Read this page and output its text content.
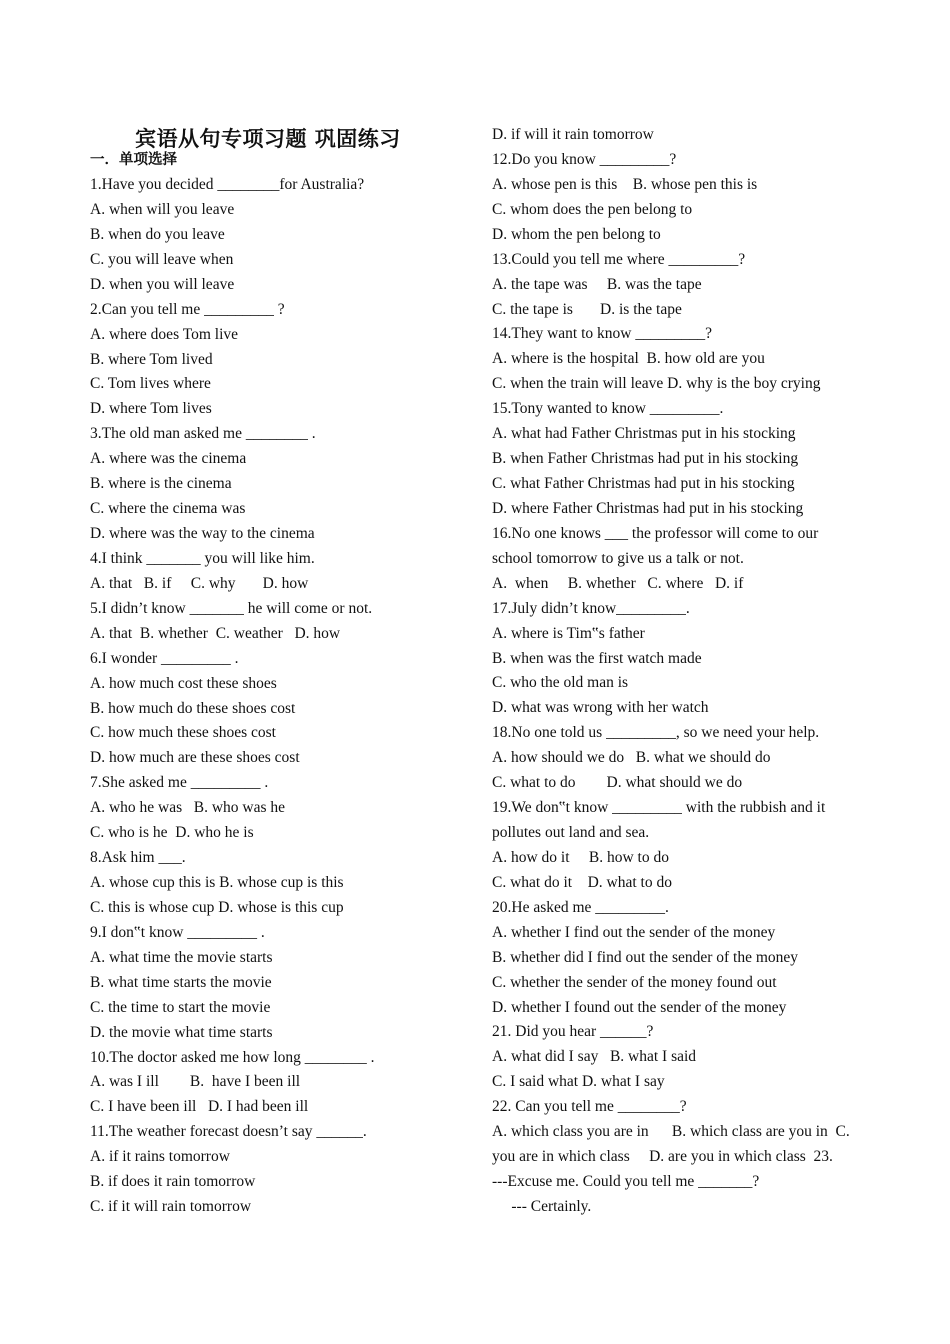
宾语从句专项习题 巩固练习
一．单项选择
1.Have you decided ________for Australia?
A. when will you leave
B. when do you leave
C. you will leave when
D. when you will leave
2.Can you tell me _________ ?
A. where does Tom live
B. where Tom lived
C. Tom lives where
D. where Tom lives
3.The old man asked me ________ .
A. where was the cinema
B. where is the cinema
C. where the cinema was
D. where was the way to the cinema
4.I think _______ you will like him.
A. that   B. if     C. why       D. how
5.I didn’t know _______ he will come or not.
A. that  B. whether  C. weather   D. how
6.I wonder _________ .
A. how much cost these shoes
B. how much do these shoes cost
C. how much these shoes cost
D. how much are these shoes cost
7.She asked me _________ .
A. who he was   B. who was he
C. who is he  D. who he is
8.Ask him ___.
A. whose cup this is B. whose cup is this
C. this is whose cup D. whose is this cup
9.I don‟t know _________ .
A. what time the movie starts
B. what time starts the movie
C. the time to start the movie
D. the movie what time starts
10.The doctor asked me how long ________ .
A. was I ill        B.  have I been ill
C. I have been ill   D. I had been ill
11.The weather forecast doesn’t say ______.
A. if it rains tomorrow
B. if does it rain tomorrow
C. if it will rain tomorrow
D. if will it rain tomorrow
12.Do you know _________?
A. whose pen is this    B. whose pen this is
C. whom does the pen belong to
D. whom the pen belong to
13.Could you tell me where _________?
A. the tape was     B. was the tape
C. the tape is       D. is the tape
14.They want to know _________?
A. where is the hospital  B. how old are you
C. when the train will leave D. why is the boy crying
15.Tony wanted to know _________.
A. what had Father Christmas put in his stocking
B. when Father Christmas had put in his stocking
C. what Father Christmas had put in his stocking
D. where Father Christmas had put in his stocking
16.No one knows ___ the professor will come to our
school tomorrow to give us a talk or not.
A.  when     B. whether   C. where   D. if
17.July didn’t know_________.
A. where is Tim‟s father
B. when was the first watch made
C. who the old man is
D. what was wrong with her watch
18.No one told us _________, so we need your help.
A. how should we do   B. what we should do
C. what to do        D. what should we do
19.We don‟t know _________ with the rubbish and it
pollutes out land and sea.
A. how do it     B. how to do
C. what do it    D. what to do
20.He asked me _________.
A. whether I find out the sender of the money
B. whether did I find out the sender of the money
C. whether the sender of the money found out
D. whether I found out the sender of the money
21. Did you hear ______?
A. what did I say   B. what I said
C. I said what D. what I say
22. Can you tell me ________?
A. which class you are in      B. which class are you in  C.
you are in which class     D. are you in which class  23.
---Excuse me. Could you tell me _______?
--- Certainly.
